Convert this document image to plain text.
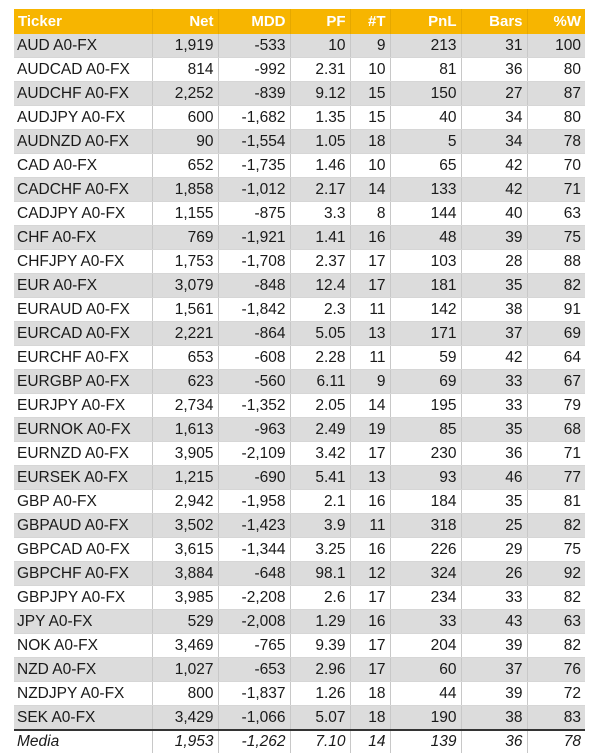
Ticker	Net	MDD	PF	#T	PnL	Bars	%W
AUD A0-FX	1,919	-533	10	9	213	31	100
AUDCAD A0-FX	814	-992	2.31	10	81	36	80
AUDCHF A0-FX	2,252	-839	9.12	15	150	27	87
AUDJPY A0-FX	600	-1,682	1.35	15	40	34	80
AUDNZD A0-FX	90	-1,554	1.05	18	5	34	78
CAD A0-FX	652	-1,735	1.46	10	65	42	70
CADCHF A0-FX	1,858	-1,012	2.17	14	133	42	71
CADJPY A0-FX	1,155	-875	3.3	8	144	40	63
CHF A0-FX	769	-1,921	1.41	16	48	39	75
CHFJPY A0-FX	1,753	-1,708	2.37	17	103	28	88
EUR A0-FX	3,079	-848	12.4	17	181	35	82
EURAUD A0-FX	1,561	-1,842	2.3	11	142	38	91
EURCAD A0-FX	2,221	-864	5.05	13	171	37	69
EURCHF A0-FX	653	-608	2.28	11	59	42	64
EURGBP A0-FX	623	-560	6.11	9	69	33	67
EURJPY A0-FX	2,734	-1,352	2.05	14	195	33	79
EURNOK A0-FX	1,613	-963	2.49	19	85	35	68
EURNZD A0-FX	3,905	-2,109	3.42	17	230	36	71
EURSEK A0-FX	1,215	-690	5.41	13	93	46	77
GBP A0-FX	2,942	-1,958	2.1	16	184	35	81
GBPAUD A0-FX	3,502	-1,423	3.9	11	318	25	82
GBPCAD A0-FX	3,615	-1,344	3.25	16	226	29	75
GBPCHF A0-FX	3,884	-648	98.1	12	324	26	92
GBPJPY A0-FX	3,985	-2,208	2.6	17	234	33	82
JPY A0-FX	529	-2,008	1.29	16	33	43	63
NOK A0-FX	3,469	-765	9.39	17	204	39	82
NZD A0-FX	1,027	-653	2.96	17	60	37	76
NZDJPY A0-FX	800	-1,837	1.26	18	44	39	72
SEK A0-FX	3,429	-1,066	5.07	18	190	38	83
Media	1,953	-1,262	7.10	14	139	36	78
